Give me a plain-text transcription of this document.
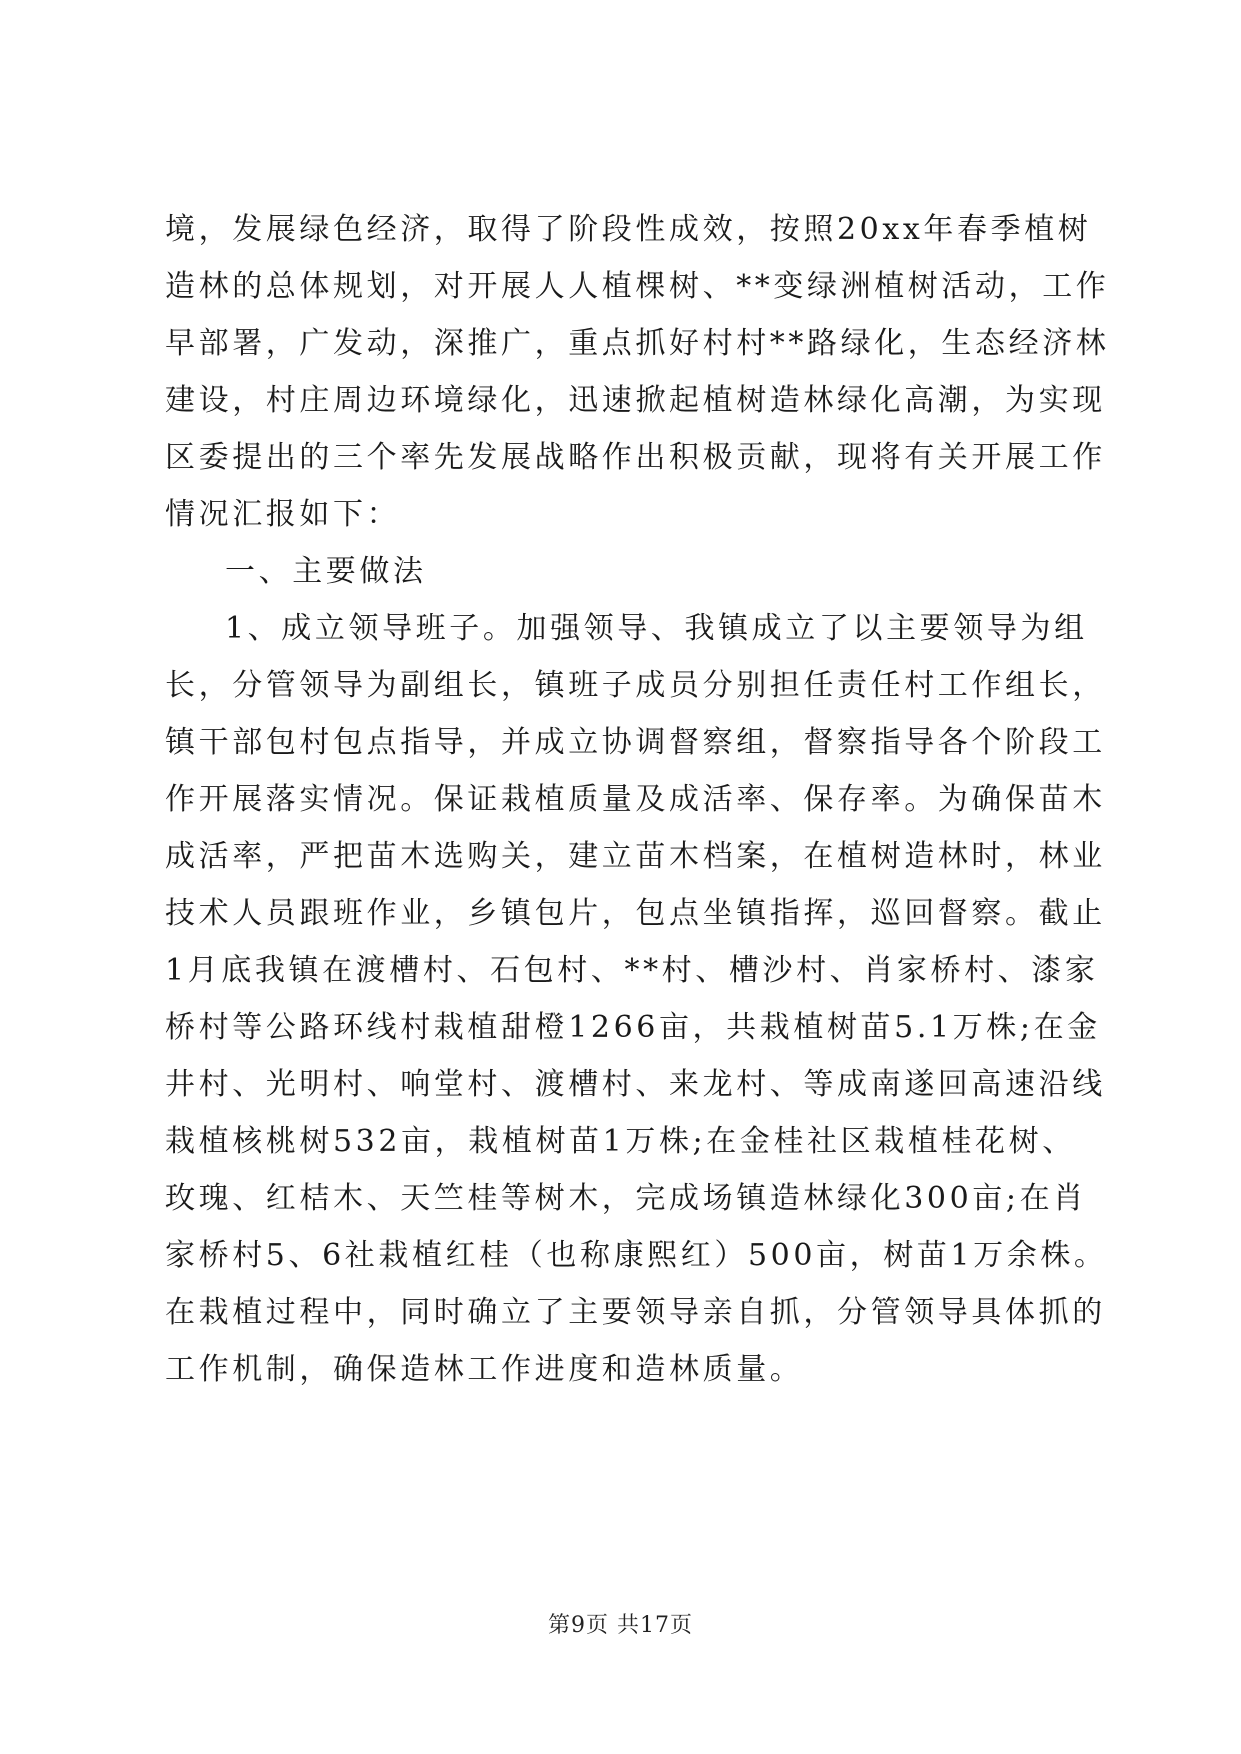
境，发展绿色经济，取得了阶段性成效，按照20xx年春季植树
造林的总体规划，对开展人人植棵树、**变绿洲植树活动，工作
早部署，广发动，深推广，重点抓好村村**路绿化，生态经济林
建设，村庄周边环境绿化，迅速掀起植树造林绿化高潮，为实现
区委提出的三个率先发展战略作出积极贡献，现将有关开展工作
情况汇报如下：
一、主要做法
1、成立领导班子。加强领导、我镇成立了以主要领导为组
长，分管领导为副组长，镇班子成员分别担任责任村工作组长，
镇干部包村包点指导，并成立协调督察组，督察指导各个阶段工
作开展落实情况。保证栽植质量及成活率、保存率。为确保苗木
成活率，严把苗木选购关，建立苗木档案，在植树造林时，林业
技术人员跟班作业，乡镇包片，包点坐镇指挥，巡回督察。截止
1月底我镇在渡槽村、石包村、**村、槽沙村、肖家桥村、漆家
桥村等公路环线村栽植甜橙1266亩，共栽植树苗5.1万株;在金
井村、光明村、响堂村、渡槽村、来龙村、等成南遂回高速沿线
栽植核桃树532亩，栽植树苗1万株;在金桂社区栽植桂花树、
玫瑰、红桔木、天竺桂等树木，完成场镇造林绿化300亩;在肖
家桥村5、6社栽植红桂（也称康熙红）500亩，树苗1万余株。
在栽植过程中，同时确立了主要领导亲自抓，分管领导具体抓的
工作机制，确保造林工作进度和造林质量。
第9页 共17页
